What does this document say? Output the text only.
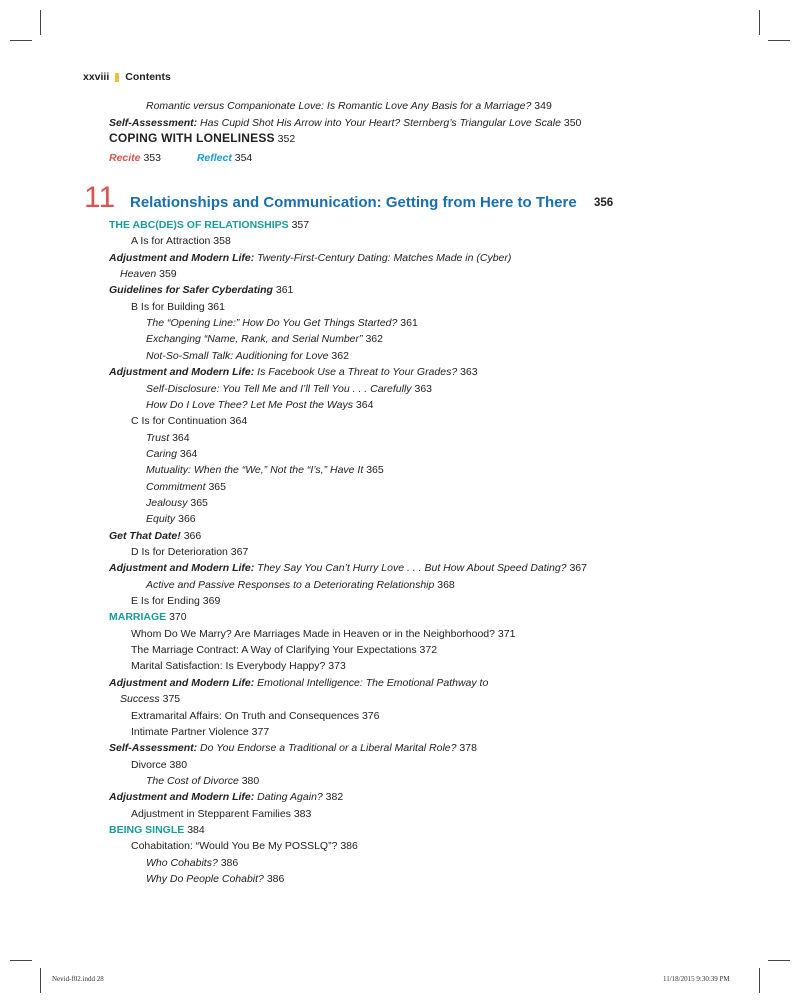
xxviii Contents
Romantic versus Companionate Love: Is Romantic Love Any Basis for a Marriage? 349
Self-Assessment: Has Cupid Shot His Arrow into Your Heart? Sternberg’s Triangular Love Scale 350
COPING WITH LONELINESS 352
Recite 353	Reflect 354
11 Relationships and Communication: Getting from Here to There 356
THE ABC(DE)S OF RELATIONSHIPS 357
A Is for Attraction 358
Adjustment and Modern Life: Twenty-First-Century Dating: Matches Made in (Cyber)
Heaven 359
Guidelines for Safer Cyberdating 361
B Is for Building 361
The “Opening Line:” How Do You Get Things Started? 361
Exchanging “Name, Rank, and Serial Number” 362
Not-So-Small Talk: Auditioning for Love 362
Adjustment and Modern Life: Is Facebook Use a Threat to Your Grades? 363
Self-Disclosure: You Tell Me and I’ll Tell You . . . Carefully 363
How Do I Love Thee? Let Me Post the Ways 364
C Is for Continuation 364
Trust 364
Caring 364
Mutuality: When the “We,” Not the “I’s,” Have It 365
Commitment 365
Jealousy 365
Equity 366
Get That Date! 366
D Is for Deterioration 367
Adjustment and Modern Life: They Say You Can’t Hurry Love . . . But How About Speed Dating? 367
Active and Passive Responses to a Deteriorating Relationship 368
E Is for Ending 369
MARRIAGE 370
Whom Do We Marry? Are Marriages Made in Heaven or in the Neighborhood? 371
The Marriage Contract: A Way of Clarifying Your Expectations 372
Marital Satisfaction: Is Everybody Happy? 373
Adjustment and Modern Life: Emotional Intelligence: The Emotional Pathway to
Success 375
Extramarital Affairs: On Truth and Consequences 376
Intimate Partner Violence 377
Self-Assessment: Do You Endorse a Traditional or a Liberal Marital Role? 378
Divorce 380
The Cost of Divorce 380
Adjustment and Modern Life: Dating Again? 382
Adjustment in Stepparent Families 383
BEING SINGLE 384
Cohabitation: “Would You Be My POSSLQ”? 386
Who Cohabits? 386
Why Do People Cohabit? 386
Nevid-f02.indd 28	11/18/2015 9:30:39 PM
